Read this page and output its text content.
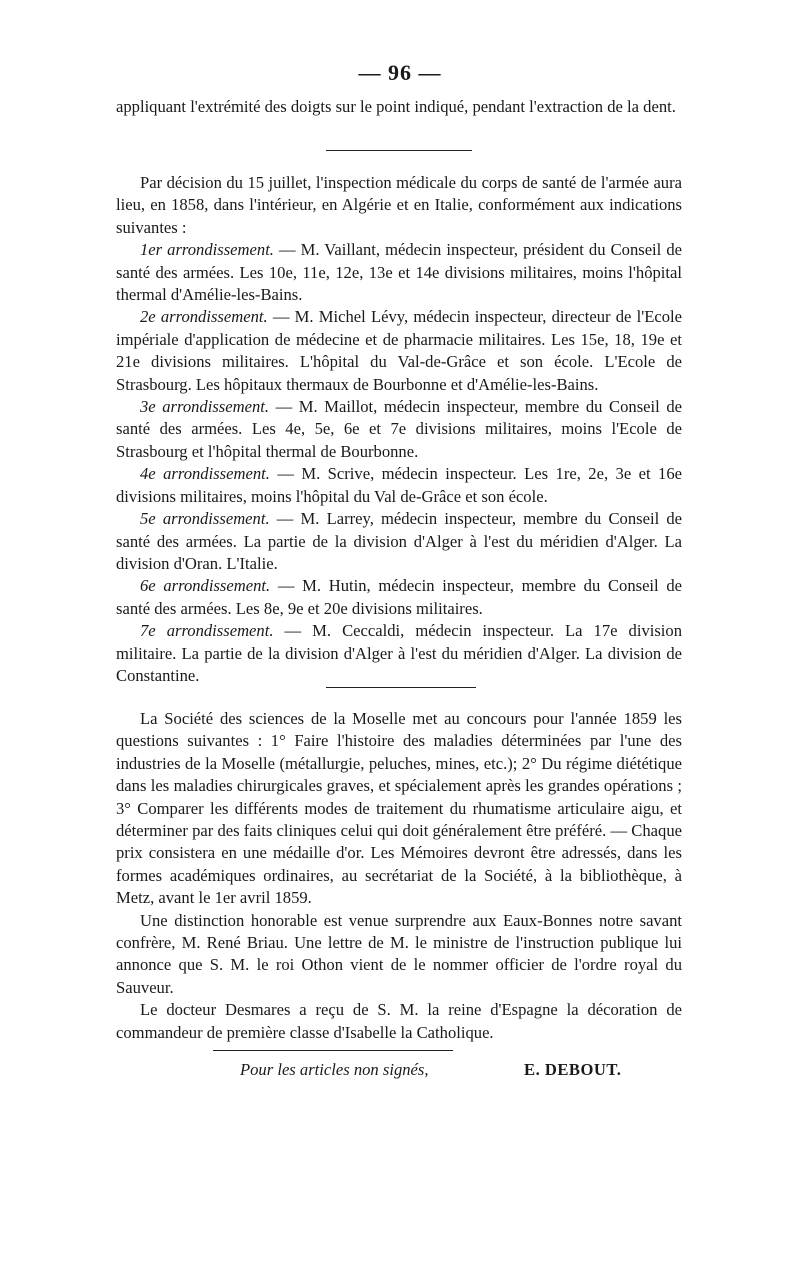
— 96 —

appliquant l'extrémité des doigts sur le point indiqué, pendant l'extraction de la dent.

Par décision du 15 juillet, l'inspection médicale du corps de santé de l'armée aura lieu, en 1858, dans l'intérieur, en Algérie et en Italie, conformément aux indications suivantes :

1er arrondissement. — M. Vaillant, médecin inspecteur, président du Conseil de santé des armées. Les 10e, 11e, 12e, 13e et 14e divisions militaires, moins l'hôpital thermal d'Amélie-les-Bains.

2e arrondissement. — M. Michel Lévy, médecin inspecteur, directeur de l'Ecole impériale d'application de médecine et de pharmacie militaires. Les 15e, 18, 19e et 21e divisions militaires. L'hôpital du Val-de-Grâce et son école. L'Ecole de Strasbourg. Les hôpitaux thermaux de Bourbonne et d'Amélie-les-Bains.

3e arrondissement. — M. Maillot, médecin inspecteur, membre du Conseil de santé des armées. Les 4e, 5e, 6e et 7e divisions militaires, moins l'Ecole de Strasbourg et l'hôpital thermal de Bourbonne.

4e arrondissement. — M. Scrive, médecin inspecteur. Les 1re, 2e, 3e et 16e divisions militaires, moins l'hôpital du Val de-Grâce et son école.

5e arrondissement. — M. Larrey, médecin inspecteur, membre du Conseil de santé des armées. La partie de la division d'Alger à l'est du méridien d'Alger. La division d'Oran. L'Italie.

6e arrondissement. — M. Hutin, médecin inspecteur, membre du Conseil de santé des armées. Les 8e, 9e et 20e divisions militaires.

7e arrondissement. — M. Ceccaldi, médecin inspecteur. La 17e division militaire. La partie de la division d'Alger à l'est du méridien d'Alger. La division de Constantine.

La Société des sciences de la Moselle met au concours pour l'année 1859 les questions suivantes : 1° Faire l'histoire des maladies déterminées par l'une des industries de la Moselle (métallurgie, peluches, mines, etc.); 2° Du régime diététique dans les maladies chirurgicales graves, et spécialement après les grandes opérations ; 3° Comparer les différents modes de traitement du rhumatisme articulaire aigu, et déterminer par des faits cliniques celui qui doit généralement être préféré. — Chaque prix consistera en une médaille d'or. Les Mémoires devront être adressés, dans les formes académiques ordinaires, au secrétariat de la Société, à la bibliothèque, à Metz, avant le 1er avril 1859.

Une distinction honorable est venue surprendre aux Eaux-Bonnes notre savant confrère, M. René Briau. Une lettre de M. le ministre de l'instruction publique lui annonce que S. M. le roi Othon vient de le nommer officier de l'ordre royal du Sauveur.

Le docteur Desmares a reçu de S. M. la reine d'Espagne la décoration de commandeur de première classe d'Isabelle la Catholique.

Pour les articles non signés,	E. DEBOUT.
